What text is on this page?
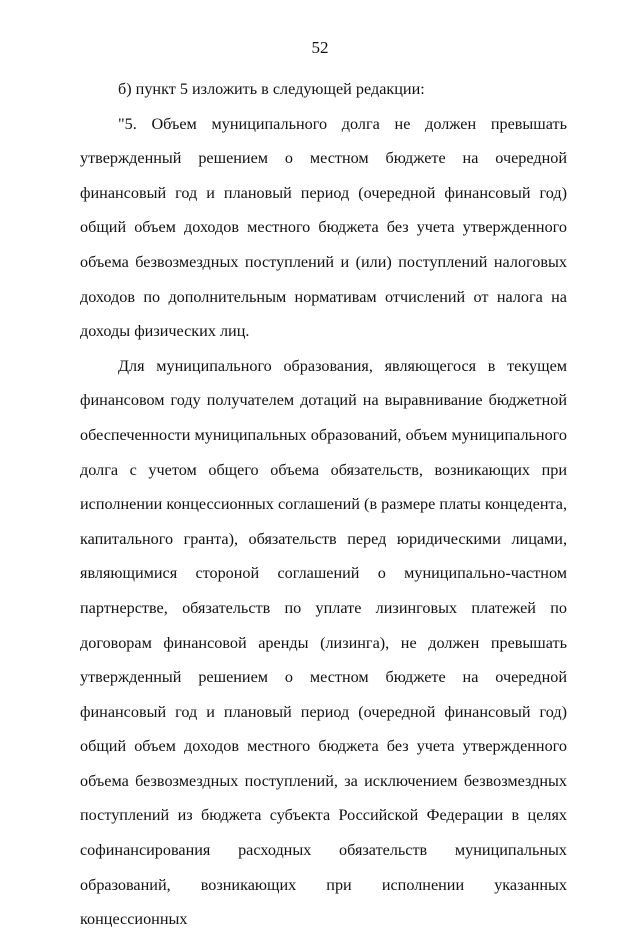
52

б) пункт 5 изложить в следующей редакции:

"5. Объем муниципального долга не должен превышать утвержденный решением о местном бюджете на очередной финансовый год и плановый период (очередной финансовый год) общий объем доходов местного бюджета без учета утвержденного объема безвозмездных поступлений и (или) поступлений налоговых доходов по дополнительным нормативам отчислений от налога на доходы физических лиц.

Для муниципального образования, являющегося в текущем финансовом году получателем дотаций на выравнивание бюджетной обеспеченности муниципальных образований, объем муниципального долга с учетом общего объема обязательств, возникающих при исполнении концессионных соглашений (в размере платы концедента, капитального гранта), обязательств перед юридическими лицами, являющимися стороной соглашений о муниципально-частном партнерстве, обязательств по уплате лизинговых платежей по договорам финансовой аренды (лизинга), не должен превышать утвержденный решением о местном бюджете на очередной финансовый год и плановый период (очередной финансовый год) общий объем доходов местного бюджета без учета утвержденного объема безвозмездных поступлений, за исключением безвозмездных поступлений из бюджета субъекта Российской Федерации в целях софинансирования расходных обязательств муниципальных образований, возникающих при исполнении указанных концессионных
